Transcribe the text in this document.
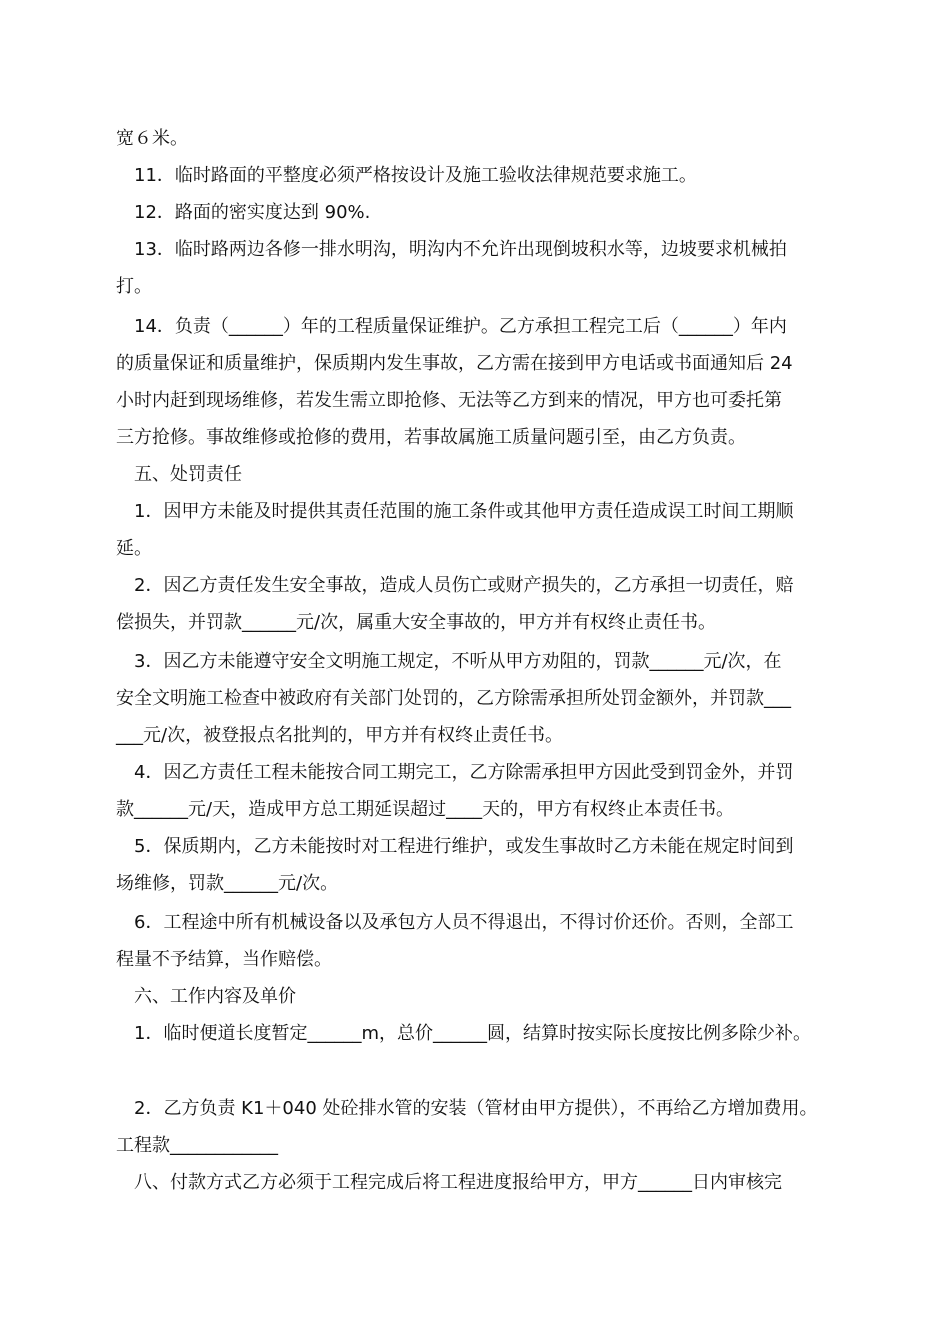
宽６米。
11．临时路面的平整度必须严格按设计及施工验收法律规范要求施工。
12．路面的密实度达到 90%.
13．临时路两边各修一排水明沟，明沟内不允许出现倒坡积水等，边坡要求机械拍
打。
14．负责（______）年的工程质量保证维护。乙方承担工程完工后（______）年内
的质量保证和质量维护，保质期内发生事故，乙方需在接到甲方电话或书面通知后 24
小时内赶到现场维修，若发生需立即抢修、无法等乙方到来的情况，甲方也可委托第
三方抢修。事故维修或抢修的费用，若事故属施工质量问题引至，由乙方负责。
五、处罚责任
1．因甲方未能及时提供其责任范围的施工条件或其他甲方责任造成误工时间工期顺
延。
2．因乙方责任发生安全事故，造成人员伤亡或财产损失的，乙方承担一切责任，赔
偿损失，并罚款______元/次，属重大安全事故的，甲方并有权终止责任书。
3．因乙方未能遵守安全文明施工规定，不听从甲方劝阻的，罚款______元/次，在
安全文明施工检查中被政府有关部门处罚的，乙方除需承担所处罚金额外，并罚款___
___元/次，被登报点名批判的，甲方并有权终止责任书。
4．因乙方责任工程未能按合同工期完工，乙方除需承担甲方因此受到罚金外，并罚
款______元/天，造成甲方总工期延误超过____天的，甲方有权终止本责任书。
5．保质期内，乙方未能按时对工程进行维护，或发生事故时乙方未能在规定时间到
场维修，罚款______元/次。
6．工程途中所有机械设备以及承包方人员不得退出，不得讨价还价。否则，全部工
程量不予结算，当作赔偿。
六、工作内容及单价
1．临时便道长度暂定______m，总价______圆，结算时按实际长度按比例多除少补。
2．乙方负责 K1＋040 处砼排水管的安装（管材由甲方提供），不再给乙方增加费用。
工程款____________
八、付款方式乙方必须于工程完成后将工程进度报给甲方，甲方______日内审核完
